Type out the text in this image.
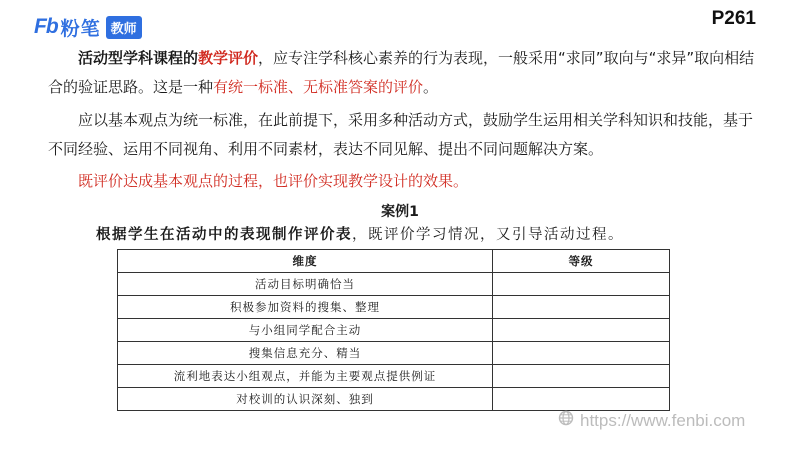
Fb 粉笔 教师	P261

活动型学科课程的教学评价，应专注学科核心素养的行为表现，一般采用“求同”取向与“求异”取向相结合的验证思路。这是一种有统一标准、无标准答案的评价。

应以基本观点为统一标准，在此前提下，采用多种活动方式，鼓励学生运用相关学科知识和技能，基于不同经验、运用不同视角、利用不同素材，表达不同见解、提出不同问题解决方案。

既评价达成基本观点的过程，也评价实现教学设计的效果。

案例1
根据学生在活动中的表现制作评价表，既评价学习情况，又引导活动过程。
维度	等级
活动目标明确恰当	
积极参加资料的搜集、整理	
与小组同学配合主动	
搜集信息充分、精当	
流利地表达小组观点，并能为主要观点提供例证	
对校训的认识深刻、独到	
https://www.fenbi.com
